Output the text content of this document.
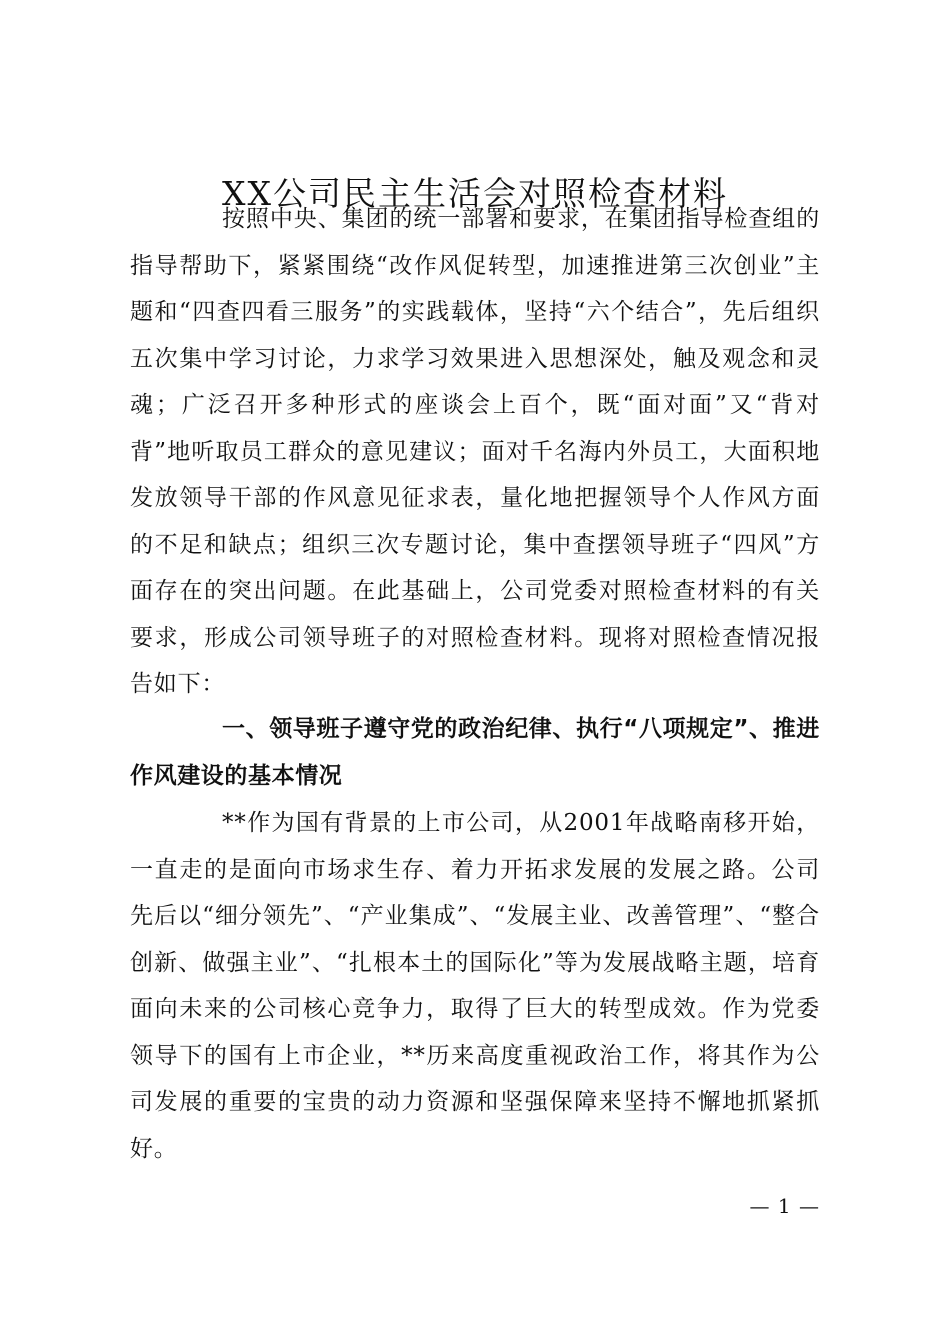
XX公司民主生活会对照检查材料

按照中央、集团的统一部署和要求，在集团指导检查组的指导帮助下，紧紧围绕“改作风促转型，加速推进第三次创业”主题和“四查四看三服务”的实践载体，坚持“六个结合”，先后组织五次集中学习讨论，力求学习效果进入思想深处，触及观念和灵魂；广泛召开多种形式的座谈会上百个，既“面对面”又“背对背”地听取员工群众的意见建议；面对千名海内外员工，大面积地发放领导干部的作风意见征求表，量化地把握领导个人作风方面的不足和缺点；组织三次专题讨论，集中查摆领导班子“四风”方面存在的突出问题。在此基础上，公司党委对照检查材料的有关要求，形成公司领导班子的对照检查材料。现将对照检查情况报告如下：

一、领导班子遵守党的政治纪律、执行“八项规定”、推进作风建设的基本情况

**作为国有背景的上市公司，从2001年战略南移开始，一直走的是面向市场求生存、着力开拓求发展的发展之路。公司先后以“细分领先”、“产业集成”、“发展主业、改善管理”、“整合创新、做强主业”、“扎根本土的国际化”等为发展战略主题，培育面向未来的公司核心竞争力，取得了巨大的转型成效。作为党委领导下的国有上市企业，**历来高度重视政治工作，将其作为公司发展的重要的宝贵的动力资源和坚强保障来坚持不懈地抓紧抓好。

— 1 —
